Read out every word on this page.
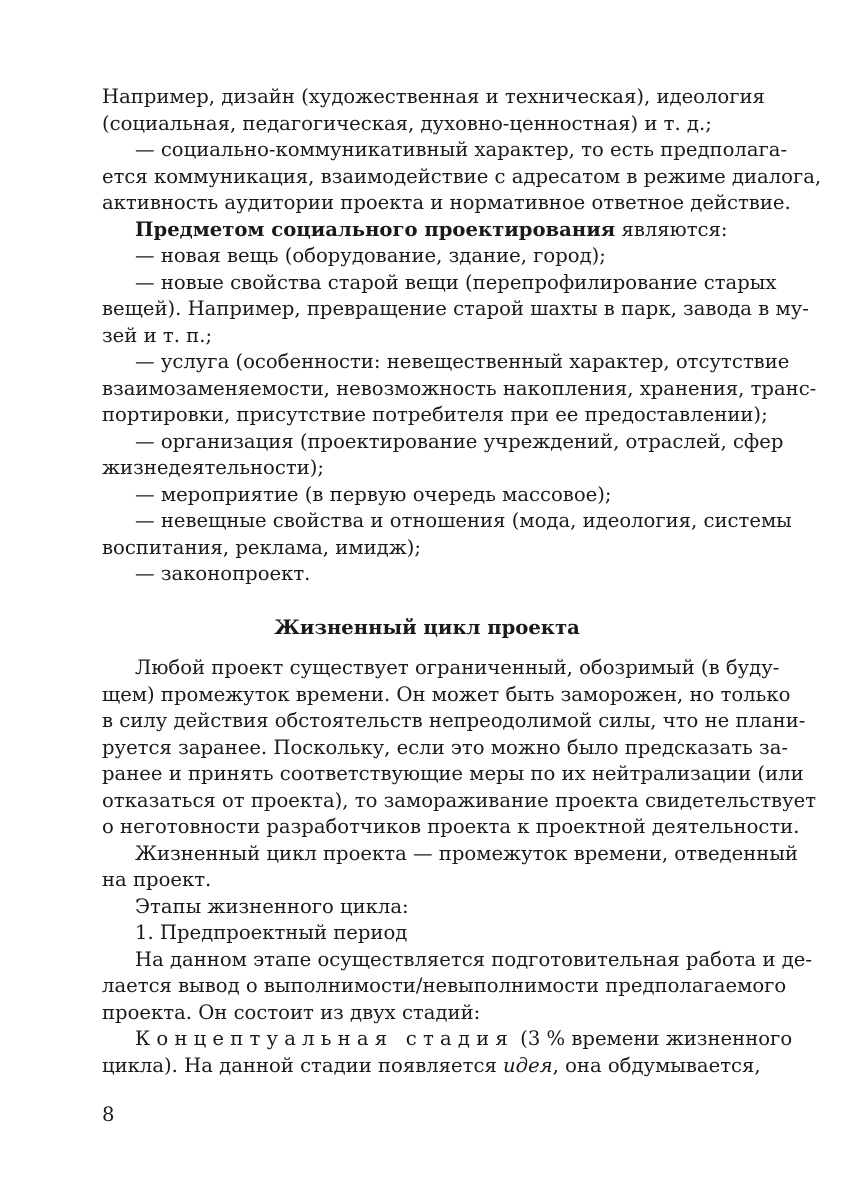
Например, дизайн (художественная и техническая), идеология
(социальная, педагогическая, духовно-ценностная) и т. д.;
— социально-коммуникативный характер, то есть предполага-
ется коммуникация, взаимодействие с адресатом в режиме диалога,
активность аудитории проекта и нормативное ответное действие.
Предметом социального проектирования являются:
— новая вещь (оборудование, здание, город);
— новые свойства старой вещи (перепрофилирование старых
вещей). Например, превращение старой шахты в парк, завода в му-
зей и т. п.;
— услуга (особенности: невещественный характер, отсутствие
взаимозаменяемости, невозможность накопления, хранения, транс-
портировки, присутствие потребителя при ее предоставлении);
— организация (проектирование учреждений, отраслей, сфер
жизнедеятельности);
— мероприятие (в первую очередь массовое);
— невещные свойства и отношения (мода, идеология, системы
воспитания, реклама, имидж);
— законопроект.
Жизненный цикл проекта
Любой проект существует ограниченный, обозримый (в буду-
щем) промежуток времени. Он может быть заморожен, но только
в силу действия обстоятельств непреодолимой силы, что не плани-
руется заранее. Поскольку, если это можно было предсказать за-
ранее и принять соответствующие меры по их нейтрализации (или
отказаться от проекта), то замораживание проекта свидетельствует
о неготовности разработчиков проекта к проектной деятельности.
Жизненный цикл проекта — промежуток времени, отведенный
на проект.
Этапы жизненного цикла:
1. Предпроектный период
На данном этапе осуществляется подготовительная работа и де-
лается вывод о выполнимости/невыполнимости предполагаемого
проекта. Он состоит из двух стадий:
Концептуальная стадия (3 % времени жизненного
цикла). На данной стадии появляется идея, она обдумывается,
8
